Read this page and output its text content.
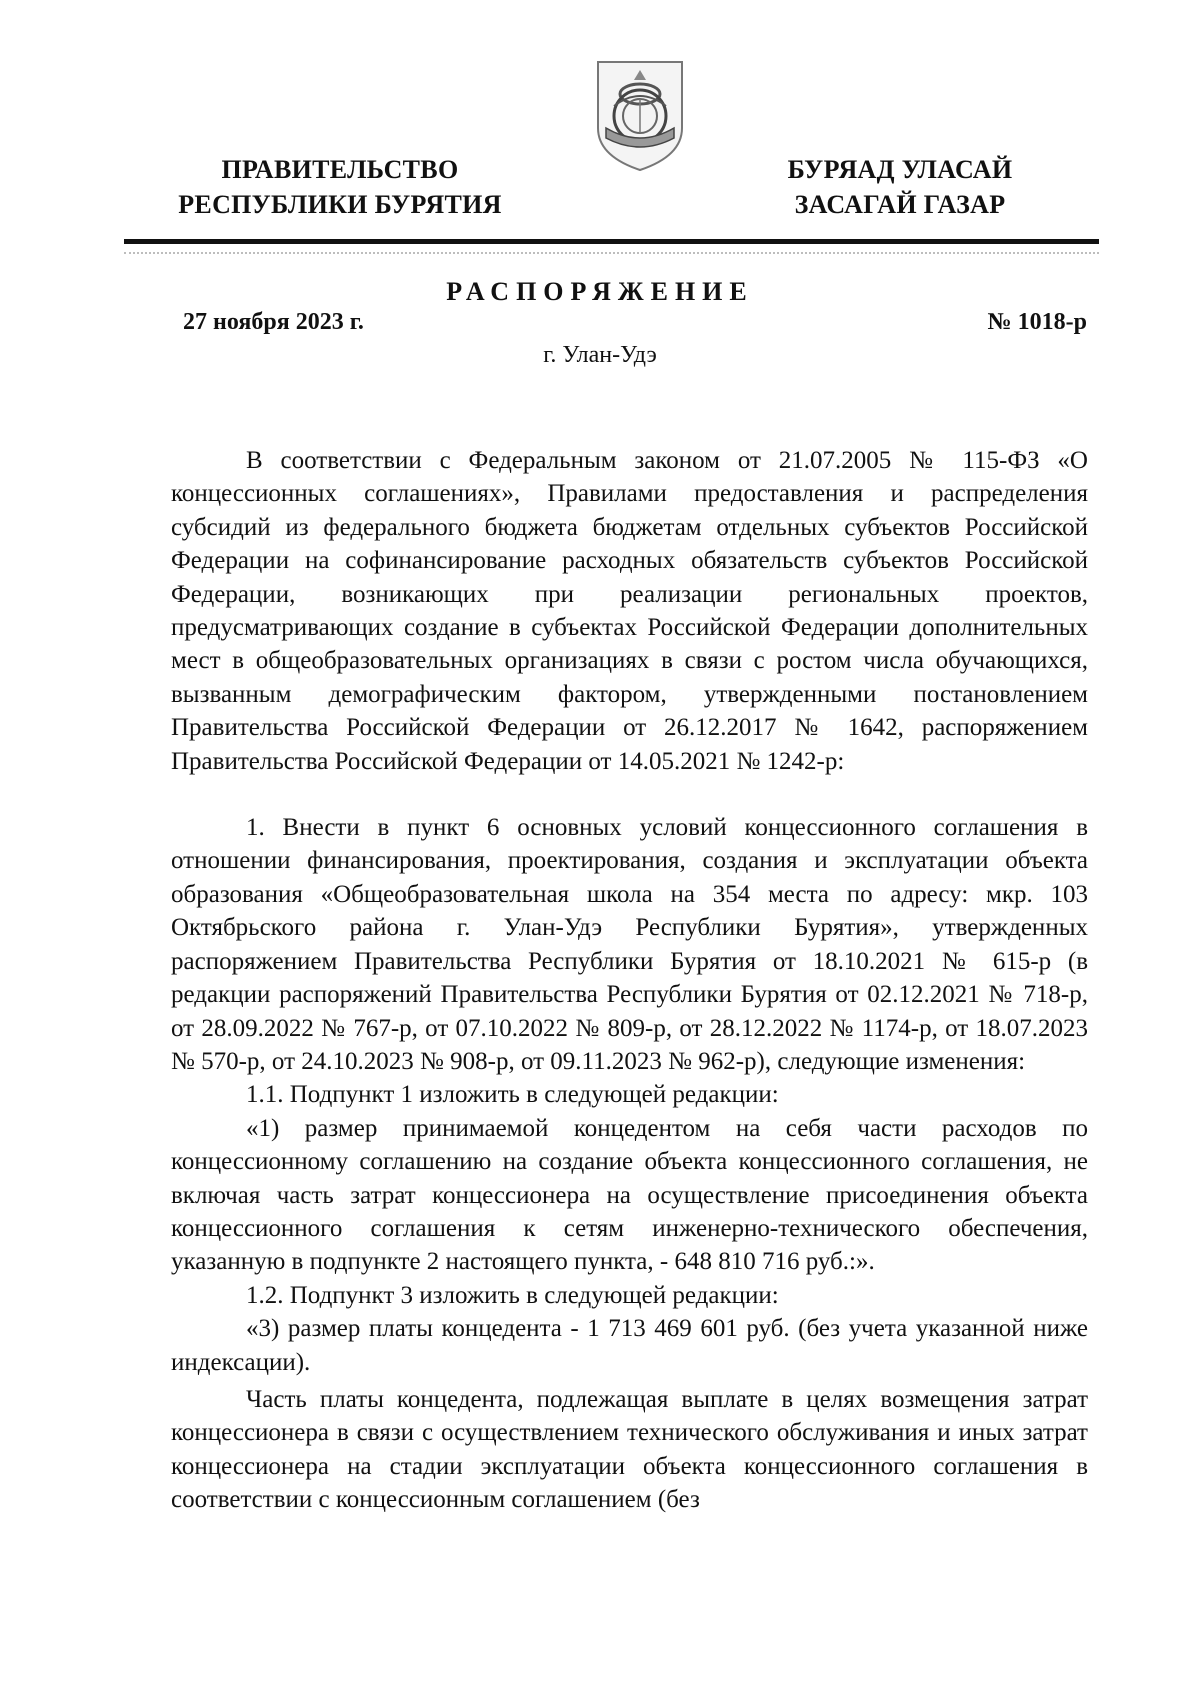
ПРАВИТЕЛЬСТВО
РЕСПУБЛИКИ БУРЯТИЯ
БУРЯАД УЛАСАЙ
ЗАСАГАЙ ГАЗАР
РАСПОРЯЖЕНИЕ
27 ноября 2023 г.	№ 1018-р
г. Улан-Удэ

В соответствии с Федеральным законом от 21.07.2005 № 115-ФЗ «О концессионных соглашениях», Правилами предоставления и распределения субсидий из федерального бюджета бюджетам отдельных субъектов Российской Федерации на софинансирование расходных обязательств субъектов Российской Федерации, возникающих при реализации региональных проектов, предусматривающих создание в субъектах Российской Федерации дополнительных мест в общеобразовательных организациях в связи с ростом числа обучающихся, вызванным демографическим фактором, утвержденными постановлением Правительства Российской Федерации от 26.12.2017 № 1642, распоряжением Правительства Российской Федерации от 14.05.2021 № 1242-р:

1. Внести в пункт 6 основных условий концессионного соглашения в отношении финансирования, проектирования, создания и эксплуатации объекта образования «Общеобразовательная школа на 354 места по адресу: мкр. 103 Октябрьского района г. Улан-Удэ Республики Бурятия», утвержденных распоряжением Правительства Республики Бурятия от 18.10.2021 № 615-р (в редакции распоряжений Правительства Республики Бурятия от 02.12.2021 № 718-р, от 28.09.2022 № 767-р, от 07.10.2022 № 809-р, от 28.12.2022 № 1174-р, от 18.07.2023 № 570-р, от 24.10.2023 № 908-р, от 09.11.2023 № 962-р), следующие изменения:

1.1. Подпункт 1 изложить в следующей редакции:

«1) размер принимаемой концедентом на себя части расходов по концессионному соглашению на создание объекта концессионного соглашения, не включая часть затрат концессионера на осуществление присоединения объекта концессионного соглашения к сетям инженерно-технического обеспечения, указанную в подпункте 2 настоящего пункта, - 648 810 716 руб.:».

1.2. Подпункт 3 изложить в следующей редакции:

«3) размер платы концедента - 1 713 469 601 руб. (без учета указанной ниже индексации).

Часть платы концедента, подлежащая выплате в целях возмещения затрат концессионера в связи с осуществлением технического обслуживания и иных затрат концессионера на стадии эксплуатации объекта концессионного соглашения в соответствии с концессионным соглашением (без
